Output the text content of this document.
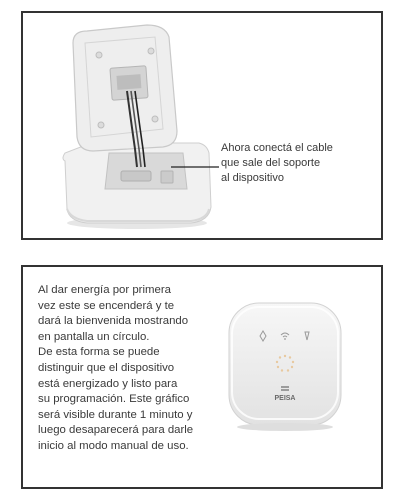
Ahora conectá el cable
que sale del soporte
al dispositivo
Al dar energía por primera
vez este se encenderá y te
dará la bienvenida mostrando
en pantalla un círculo.
De esta forma se puede
distinguir que el dispositivo
está energizado y listo para
su programación. Este gráfico
será visible durante 1 minuto y
luego desaparecerá para darle
inicio al modo manual de uso.
PEISA
